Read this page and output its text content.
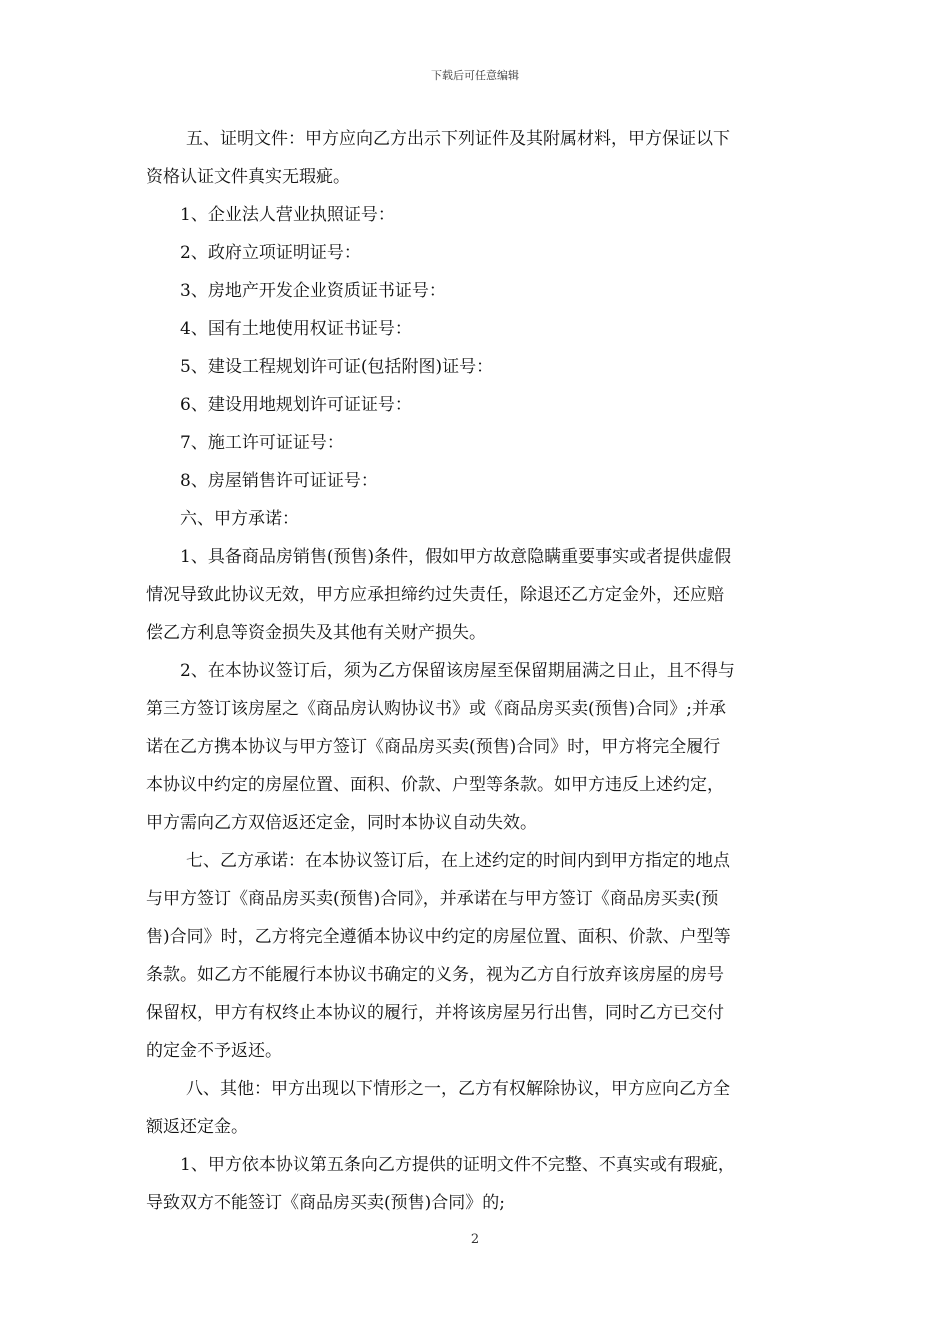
下载后可任意编辑
五、证明文件：甲方应向乙方出示下列证件及其附属材料，甲方保证以下
资格认证文件真实无瑕疵。
1、企业法人营业执照证号：
2、政府立项证明证号：
3、房地产开发企业资质证书证号：
4、国有土地使用权证书证号：
5、建设工程规划许可证(包括附图)证号：
6、建设用地规划许可证证号：
7、施工许可证证号：
8、房屋销售许可证证号：
六、甲方承诺：
1、具备商品房销售(预售)条件，假如甲方故意隐瞒重要事实或者提供虚假
情况导致此协议无效，甲方应承担缔约过失责任，除退还乙方定金外，还应赔
偿乙方利息等资金损失及其他有关财产损失。
2、在本协议签订后，须为乙方保留该房屋至保留期届满之日止，且不得与
第三方签订该房屋之《商品房认购协议书》或《商品房买卖(预售)合同》;并承
诺在乙方携本协议与甲方签订《商品房买卖(预售)合同》时，甲方将完全履行
本协议中约定的房屋位置、面积、价款、户型等条款。如甲方违反上述约定，
甲方需向乙方双倍返还定金，同时本协议自动失效。
七、乙方承诺：在本协议签订后，在上述约定的时间内到甲方指定的地点
与甲方签订《商品房买卖(预售)合同》，并承诺在与甲方签订《商品房买卖(预
售)合同》时，乙方将完全遵循本协议中约定的房屋位置、面积、价款、户型等
条款。如乙方不能履行本协议书确定的义务，视为乙方自行放弃该房屋的房号
保留权，甲方有权终止本协议的履行，并将该房屋另行出售，同时乙方已交付
的定金不予返还。
八、其他：甲方出现以下情形之一，乙方有权解除协议，甲方应向乙方全
额返还定金。
1、甲方依本协议第五条向乙方提供的证明文件不完整、不真实或有瑕疵，
导致双方不能签订《商品房买卖(预售)合同》的;
2
